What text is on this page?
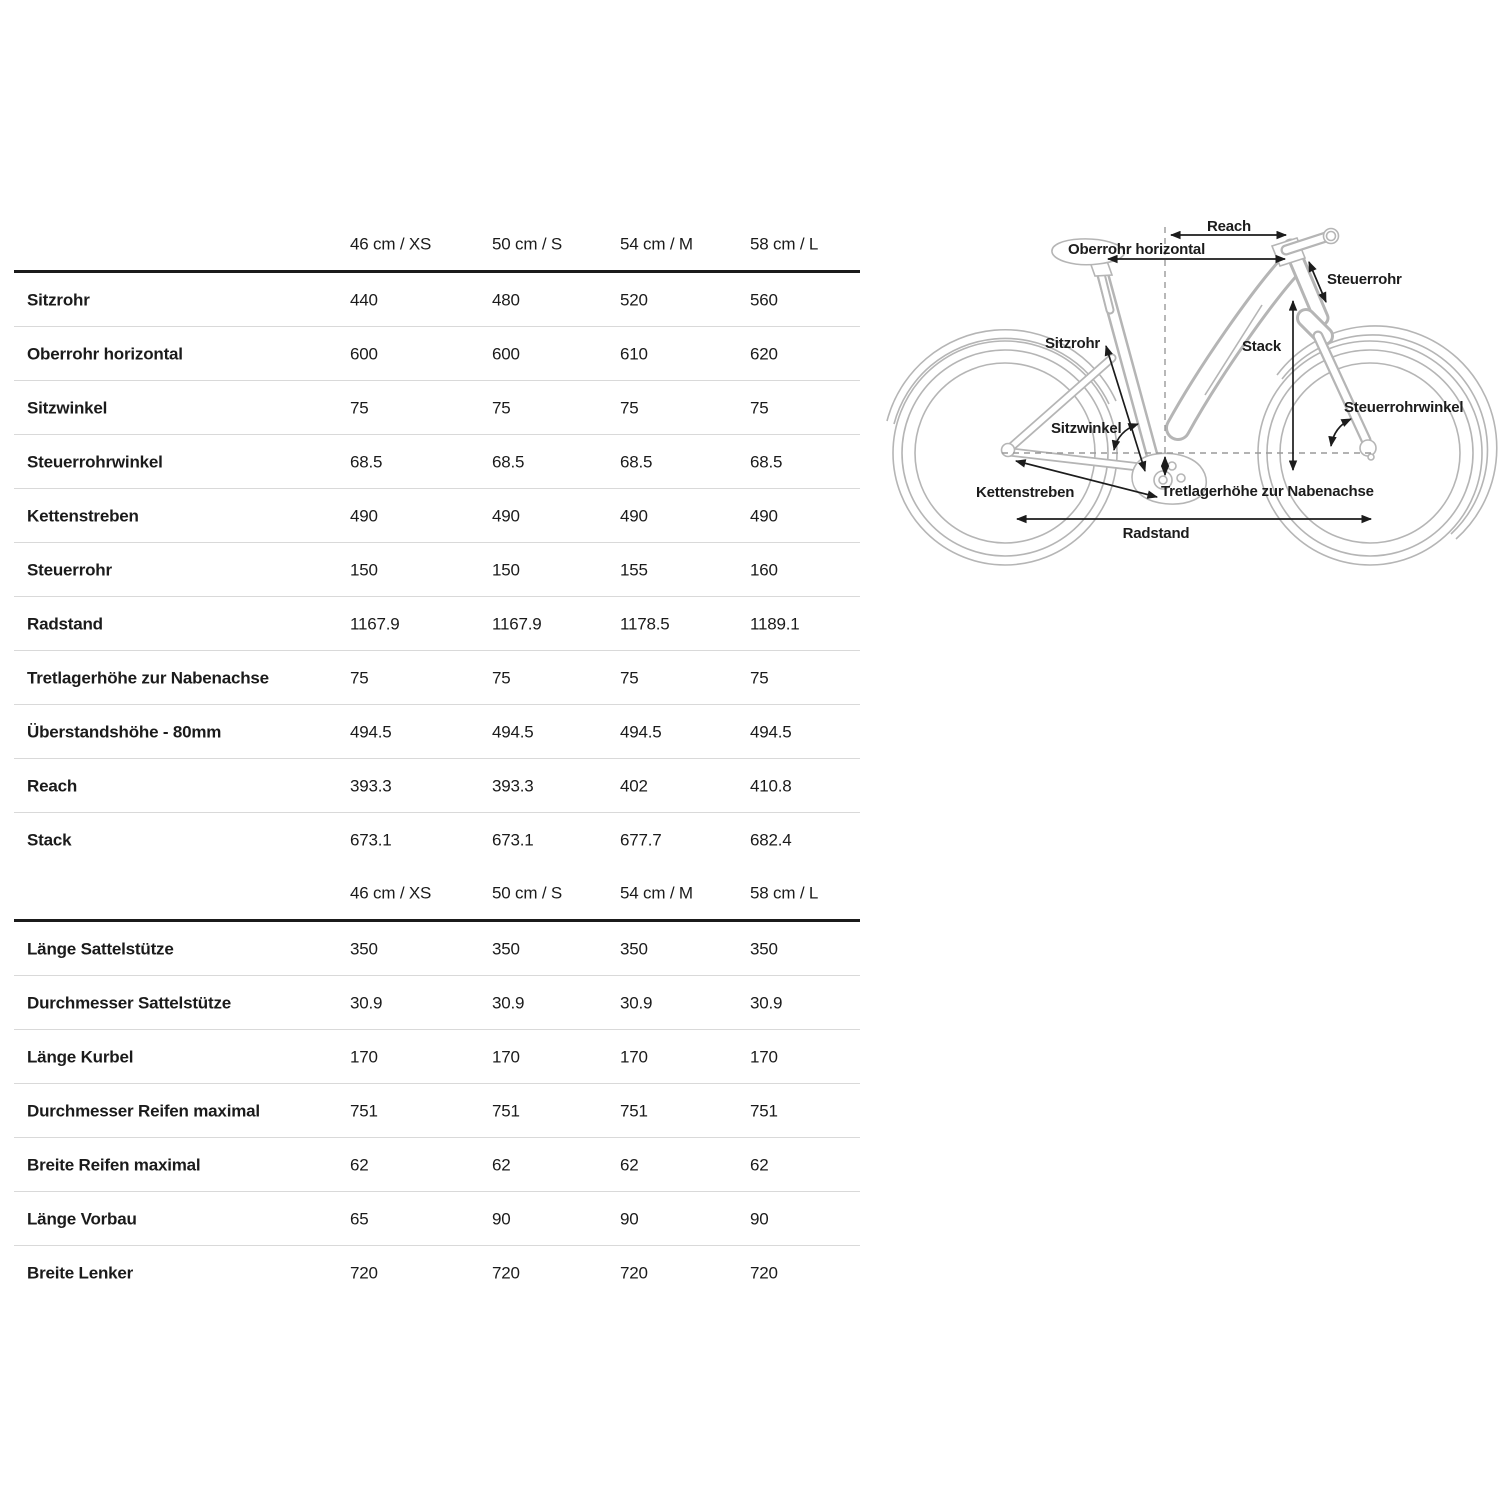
46 cm / XS	50 cm / S	54 cm / M	58 cm / L
Sitzrohr	440	480	520	560
Oberrohr horizontal	600	600	610	620
Sitzwinkel	75	75	75	75
Steuerrohrwinkel	68.5	68.5	68.5	68.5
Kettenstreben	490	490	490	490
Steuerrohr	150	150	155	160
Radstand	1167.9	1167.9	1178.5	1189.1
Tretlagerhöhe zur Nabenachse	75	75	75	75
Überstandshöhe - 80mm	494.5	494.5	494.5	494.5
Reach	393.3	393.3	402	410.8
Stack	673.1	673.1	677.7	682.4
46 cm / XS	50 cm / S	54 cm / M	58 cm / L
Länge Sattelstütze	350	350	350	350
Durchmesser Sattelstütze	30.9	30.9	30.9	30.9
Länge Kurbel	170	170	170	170
Durchmesser Reifen maximal	751	751	751	751
Breite Reifen maximal	62	62	62	62
Länge Vorbau	65	90	90	90
Breite Lenker	720	720	720	720
Reach
Oberrohr horizontal
Steuerrohr
Sitzrohr	Stack
Steuerrohrwinkel
Sitzwinkel
Kettenstreben	Tretlagerhöhe zur Nabenachse
Radstand
